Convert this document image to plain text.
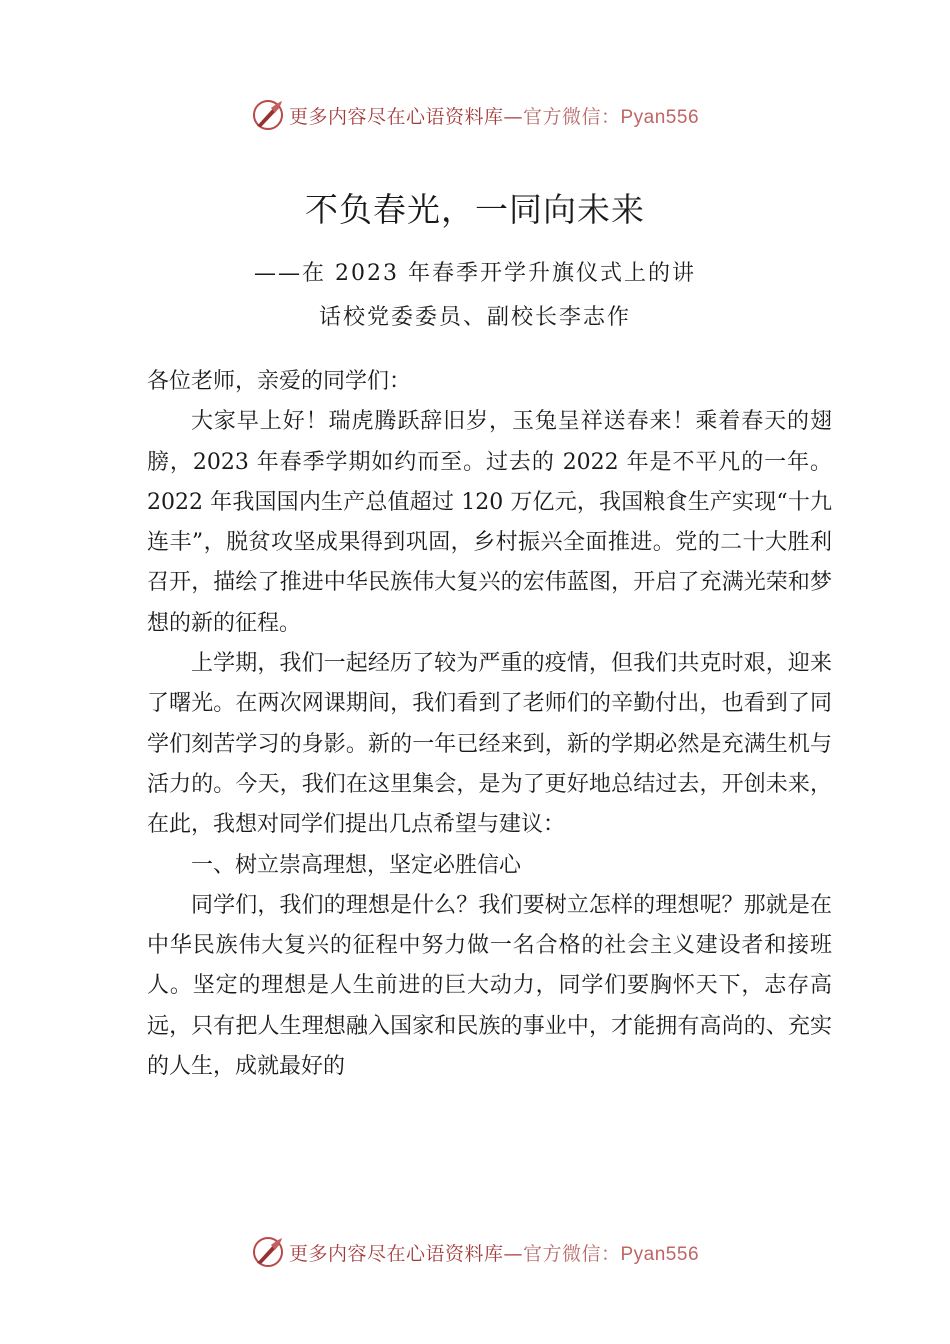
更多内容尽在心语资料库—官方微信：Pyan556
不负春光，一同向未来
——在 2023 年春季开学升旗仪式上的讲
话校党委委员、副校长李志作

各位老师，亲爱的同学们：

大家早上好！瑞虎腾跃辞旧岁，玉兔呈祥送春来！乘着春天的翅膀，2023 年春季学期如约而至。过去的 2022 年是不平凡的一年。2022 年我国国内生产总值超过 120 万亿元，我国粮食生产实现“十九连丰”，脱贫攻坚成果得到巩固，乡村振兴全面推进。党的二十大胜利召开，描绘了推进中华民族伟大复兴的宏伟蓝图，开启了充满光荣和梦想的新的征程。

上学期，我们一起经历了较为严重的疫情，但我们共克时艰，迎来了曙光。在两次网课期间，我们看到了老师们的辛勤付出，也看到了同学们刻苦学习的身影。新的一年已经来到，新的学期必然是充满生机与活力的。今天，我们在这里集会，是为了更好地总结过去，开创未来，在此，我想对同学们提出几点希望与建议：

一、树立崇高理想，坚定必胜信心

同学们，我们的理想是什么？我们要树立怎样的理想呢？那就是在中华民族伟大复兴的征程中努力做一名合格的社会主义建设者和接班人。坚定的理想是人生前进的巨大动力，同学们要胸怀天下，志存高远，只有把人生理想融入国家和民族的事业中，才能拥有高尚的、充实的人生，成就最好的

更多内容尽在心语资料库—官方微信：Pyan556
